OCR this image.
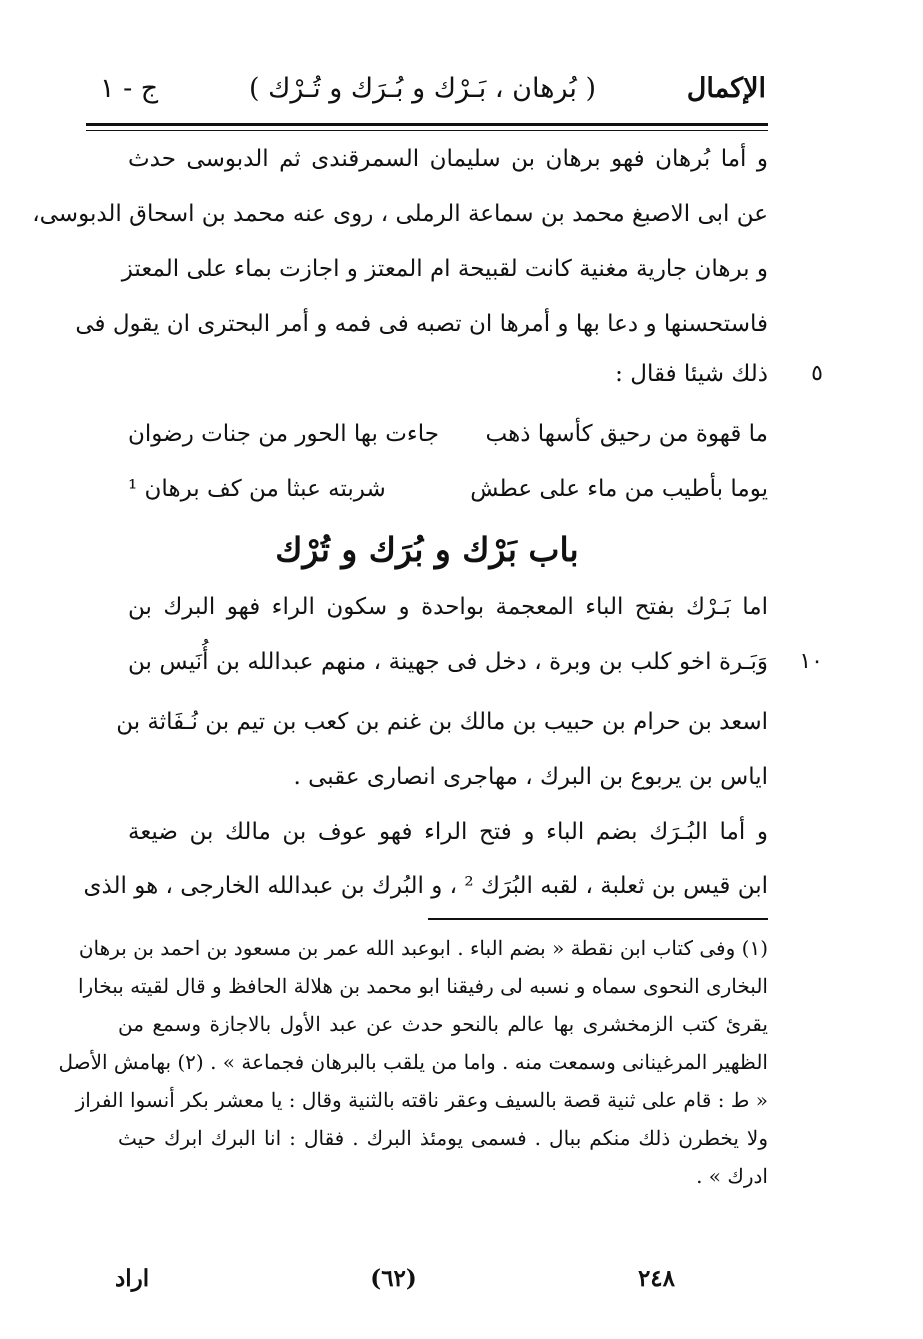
الإكمال
( بُرهان ، بَـرْك و بُـرَك و تُـرْك )
ج - ١
و أما بُرهان فهو برهان بن سليمان السمرقندى ثم الدبوسى حدث
عن ابى الاصبغ محمد بن سماعة الرملى ، روى عنه محمد بن اسحاق الدبوسى،
و برهان جارية مغنية كانت لقبيحة ام المعتز و اجازت بماء على المعتز
فاستحسنها و دعا بها و أمرها ان تصبه فى فمه و أمر البحترى ان يقول فى
ذلك شيئا فقال : ٥
ما قهوة من رحيق كأسها ذهب
جاءت بها الحور من جنات رضوان
يوما بأطيب من ماء على عطش
شربته عبثا من كف برهان ¹
باب بَرْك و بُرَك و تُرْك
اما بَـرْك بفتح الباء المعجمة بواحدة و سكون الراء فهو البرك بن
وَبَـرة اخو كلب بن وبرة ، دخل فى جهينة ، منهم عبدالله بن أُنَيس بن ١٠
اسعد بن حرام بن حبيب بن مالك بن غنم بن كعب بن تيم بن نُـفَاثة بن
اياس بن يربوع بن البرك ، مهاجرى انصارى عقبى .
و أما البُـرَك بضم الباء و فتح الراء فهو عوف بن مالك بن ضيعة
ابن قيس بن ثعلبة ، لقبه البُرَك ² ، و البُرك بن عبدالله الخارجى ، هو الذى
(١) وفى كتاب ابن نقطة « بضم الباء . ابوعبد الله عمر بن مسعود بن احمد بن برهان
البخارى النحوى سماه و نسبه لى رفيقنا ابو محمد بن هلالة الحافظ و قال لقيته ببخارا
يقرئ كتب الزمخشرى بها عالم بالنحو حدث عن عبد الأول بالاجازة وسمع من
الظهير المرغينانى وسمعت منه . واما من يلقب بالبرهان فجماعة » . (٢) بهامش الأصل
« ط : قام على ثنية قصة بالسيف وعقر ناقته بالثنية وقال : يا معشر بكر أنسوا الفراز
ولا يخطرن ذلك منكم ببال . فسمى يومئذ البرك . فقال : انا البرك ابرك حيث
ادرك » .
٢٤٨
(٦٢)
اراد
